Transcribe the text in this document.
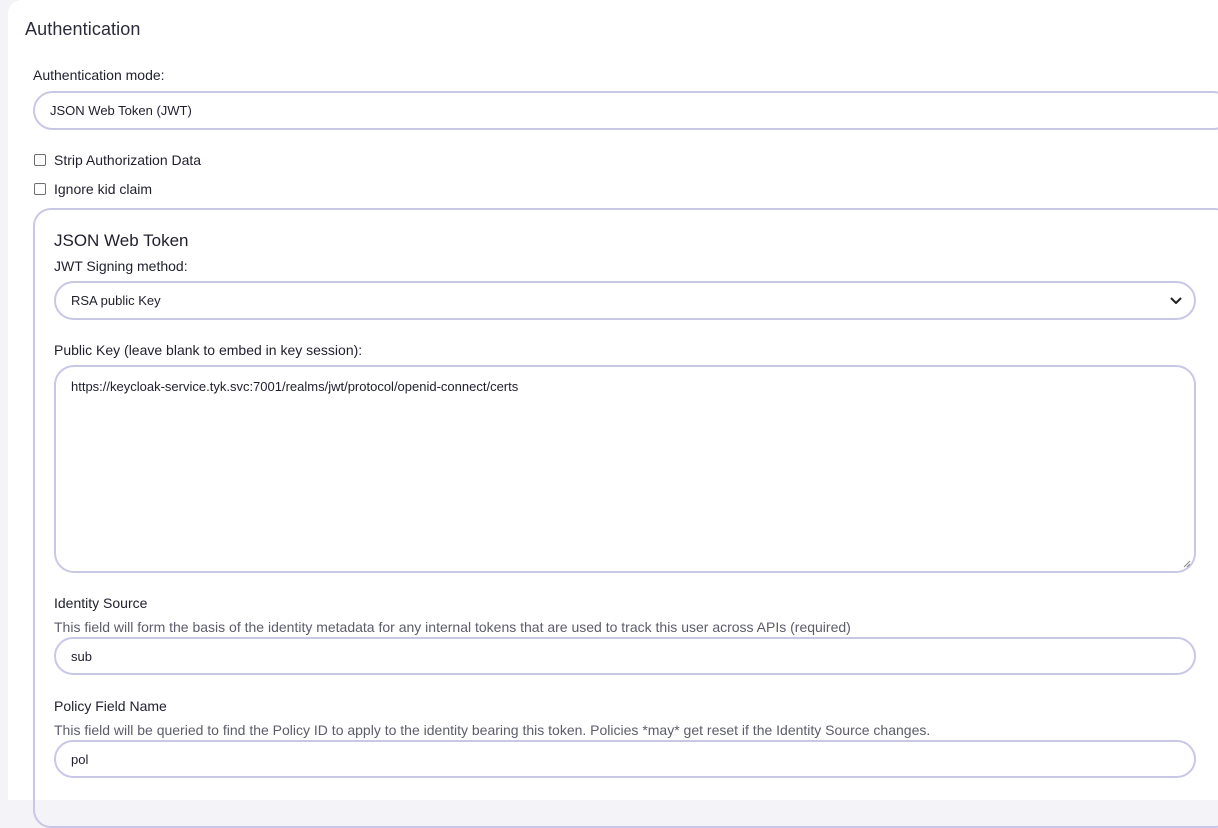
Authentication
Authentication mode:
JSON Web Token (JWT)
Strip Authorization Data
Ignore kid claim
JSON Web Token
JWT Signing method:
RSA public Key
Public Key (leave blank to embed in key session):
https://keycloak-service.tyk.svc:7001/realms/jwt/protocol/openid-connect/certs
Identity Source
This field will form the basis of the identity metadata for any internal tokens that are used to track this user across APIs (required)
sub
Policy Field Name
This field will be queried to find the Policy ID to apply to the identity bearing this token. Policies *may* get reset if the Identity Source changes.
pol
